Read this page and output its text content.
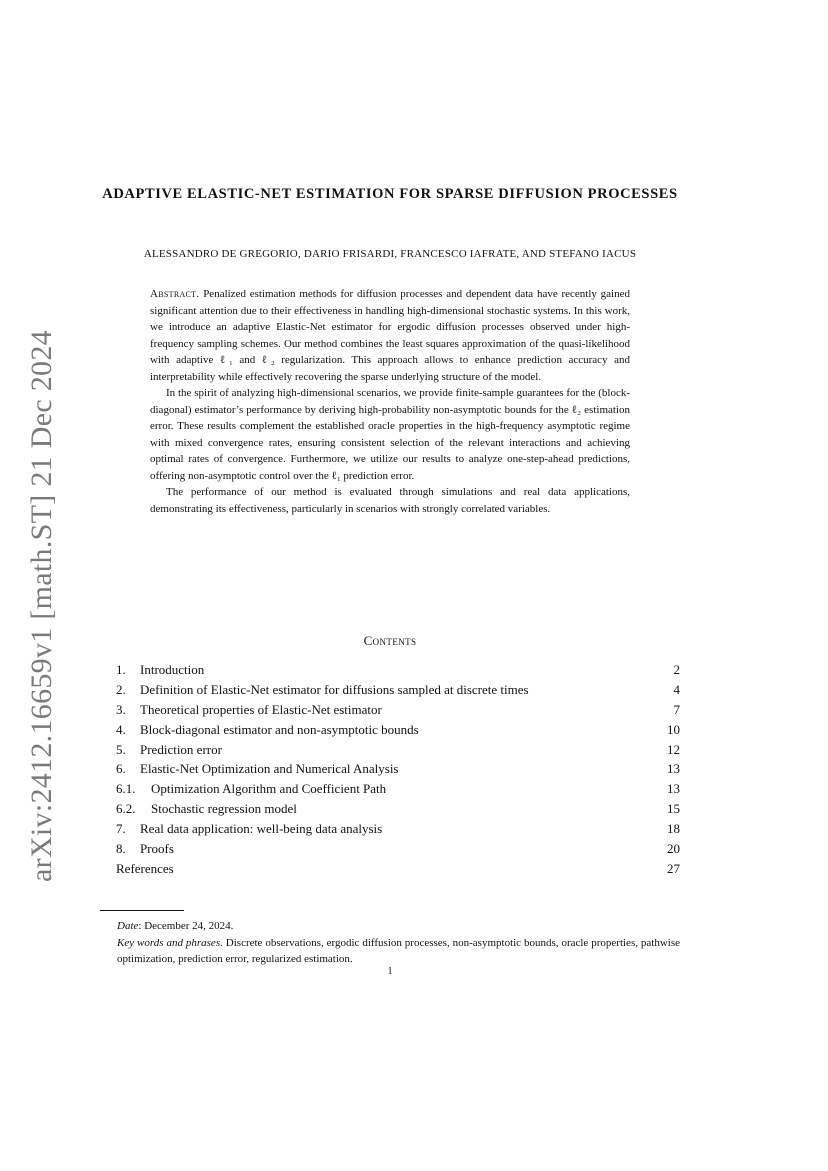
arXiv:2412.16659v1 [math.ST] 21 Dec 2024
ADAPTIVE ELASTIC-NET ESTIMATION FOR SPARSE DIFFUSION PROCESSES
ALESSANDRO DE GREGORIO, DARIO FRISARDI, FRANCESCO IAFRATE, AND STEFANO IACUS

Abstract. Penalized estimation methods for diffusion processes and dependent data have recently gained significant attention due to their effectiveness in handling high-dimensional stochastic systems. In this work, we introduce an adaptive Elastic-Net estimator for ergodic diffusion processes observed under high-frequency sampling schemes. Our method combines the least squares approximation of the quasi-likelihood with adaptive ℓ₁ and ℓ₂ regularization. This approach allows to enhance prediction accuracy and interpretability while effectively recovering the sparse underlying structure of the model.

In the spirit of analyzing high-dimensional scenarios, we provide finite-sample guarantees for the (block-diagonal) estimator’s performance by deriving high-probability non-asymptotic bounds for the ℓ₂ estimation error. These results complement the established oracle properties in the high-frequency asymptotic regime with mixed convergence rates, ensuring consistent selection of the relevant interactions and achieving optimal rates of convergence. Furthermore, we utilize our results to analyze one-step-ahead predictions, offering non-asymptotic control over the ℓ₁ prediction error.

The performance of our method is evaluated through simulations and real data applications, demonstrating its effectiveness, particularly in scenarios with strongly correlated variables.

Contents
1.	Introduction	2
2.	Definition of Elastic-Net estimator for diffusions sampled at discrete times	4
3.	Theoretical properties of Elastic-Net estimator	7
4.	Block-diagonal estimator and non-asymptotic bounds	10
5.	Prediction error	12
6.	Elastic-Net Optimization and Numerical Analysis	13
6.1.	Optimization Algorithm and Coefficient Path	13
6.2.	Stochastic regression model	15
7.	Real data application: well-being data analysis	18
8.	Proofs	20
References	27

Date: December 24, 2024.

Key words and phrases. Discrete observations, ergodic diffusion processes, non-asymptotic bounds, oracle properties, pathwise optimization, prediction error, regularized estimation.

1
